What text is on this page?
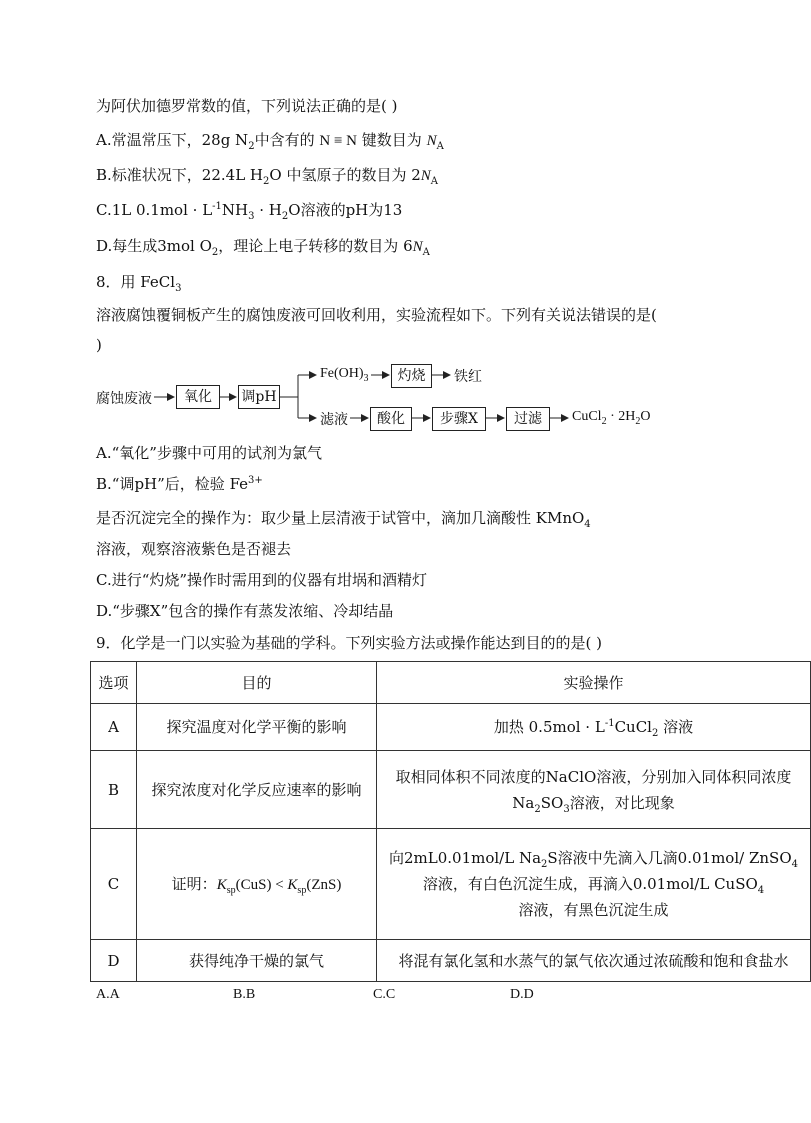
为阿伏加德罗常数的值，下列说法正确的是( )
A.常温常压下，28g $N_2$中含有的 N ≡ N 键数目为 $N_A$
B.标准状况下，22.4L $H_2O$ 中氢原子的数目为 $2N_A$
C.1L $0.1mol \cdot L^{-1}NH_3 \cdot H_2O$溶液的pH为13
D.每生成3mol $O_2$，理论上电子转移的数目为 $6N_A$
8．用 FeCl$_3$
溶液腐蚀覆铜板产生的腐蚀废液可回收利用，实验流程如下。下列有关说法错误的是(
)
腐蚀废液	氧化	调pH
$Fe(OH)_3$	灼烧	铁红
滤液	酸化	步骤X	过滤	CuCl$_2$ · $2H_2O$
A.“氧化”步骤中可用的试剂为氯气
B.“调pH”后，检验 $Fe^{3+}$
是否沉淀完全的操作为：取少量上层清液于试管中，滴加几滴酸性 KMnO$_4$
溶液，观察溶液紫色是否褪去
C.进行“灼烧”操作时需用到的仪器有坩埚和酒精灯
D.“步骤X”包含的操作有蒸发浓缩、冷却结晶
9．化学是一门以实验为基础的学科。下列实验方法或操作能达到目的的是( )
选项	目的	实验操作
A	探究温度对化学平衡的影响	加热 $0.5mol \cdot L^{-1}CuCl_2$ 溶液
B	探究浓度对化学反应速率的影响	取相同体积不同浓度的NaClO溶液，分别加入同体积同浓度
$Na_2SO_3$溶液，对比现象

C	证明：$K_{sp}(CuS) < K_{sp}(ZnS)$	向2mL0.01mol/L $Na_2S$溶液中先滴入几滴0.01mol/ ZnSO$_4$
溶液，有白色沉淀生成，再滴入0.01mol/L CuSO$_4$
溶液，有黑色沉淀生成

D	获得纯净干燥的氯气	将混有氯化氢和水蒸气的氯气依次通过浓硫酸和饱和食盐水
A.A	B.B	C.C	D.D
